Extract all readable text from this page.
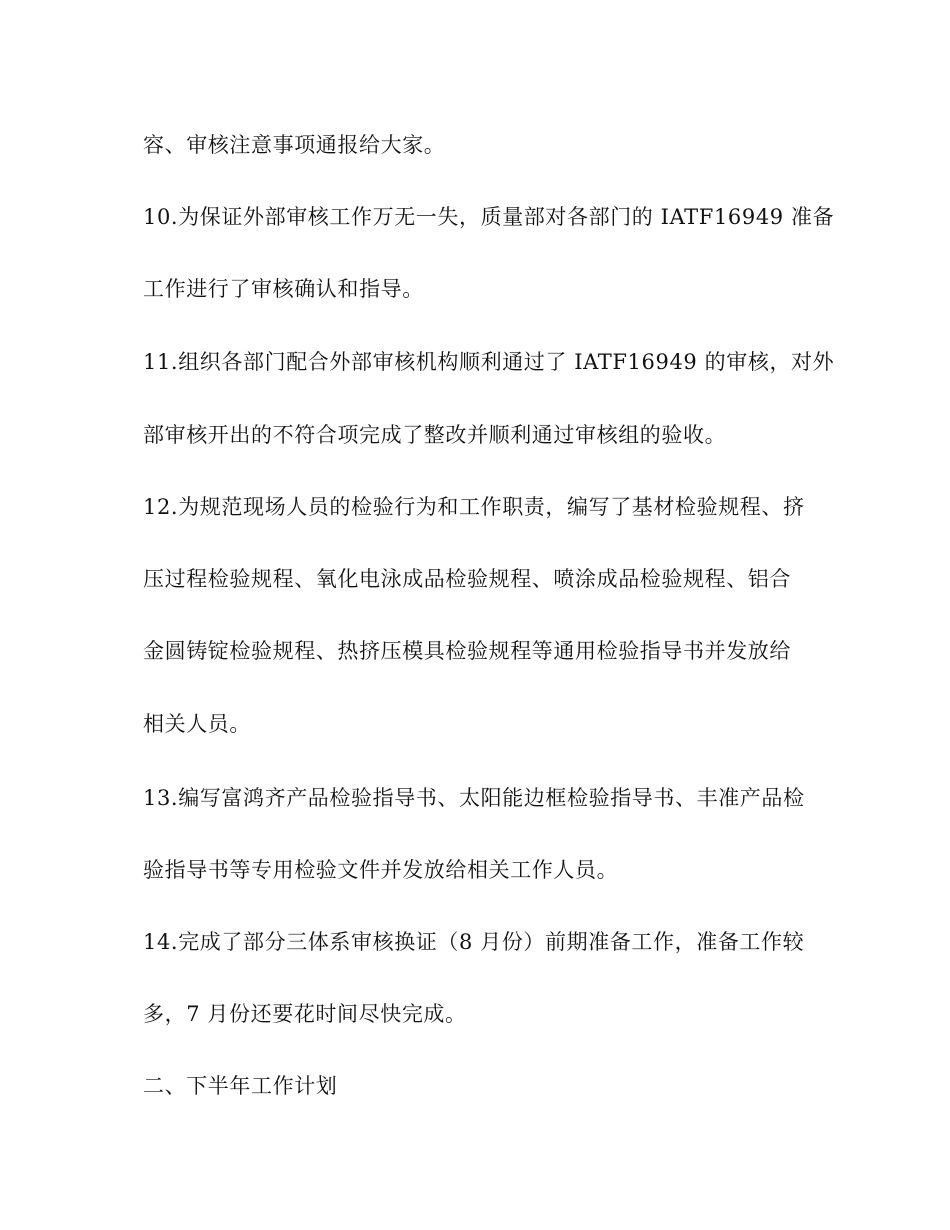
容、审核注意事项通报给大家。

10.为保证外部审核工作万无一失，质量部对各部门的 IATF16949 准备

工作进行了审核确认和指导。

11.组织各部门配合外部审核机构顺利通过了 IATF16949 的审核，对外

部审核开出的不符合项完成了整改并顺利通过审核组的验收。

12.为规范现场人员的检验行为和工作职责，编写了基材检验规程、挤

压过程检验规程、氧化电泳成品检验规程、喷涂成品检验规程、铝合

金圆铸锭检验规程、热挤压模具检验规程等通用检验指导书并发放给

相关人员。

13.编写富鸿齐产品检验指导书、太阳能边框检验指导书、丰准产品检

验指导书等专用检验文件并发放给相关工作人员。

14.完成了部分三体系审核换证（8 月份）前期准备工作，准备工作较

多，7 月份还要花时间尽快完成。

二、下半年工作计划
